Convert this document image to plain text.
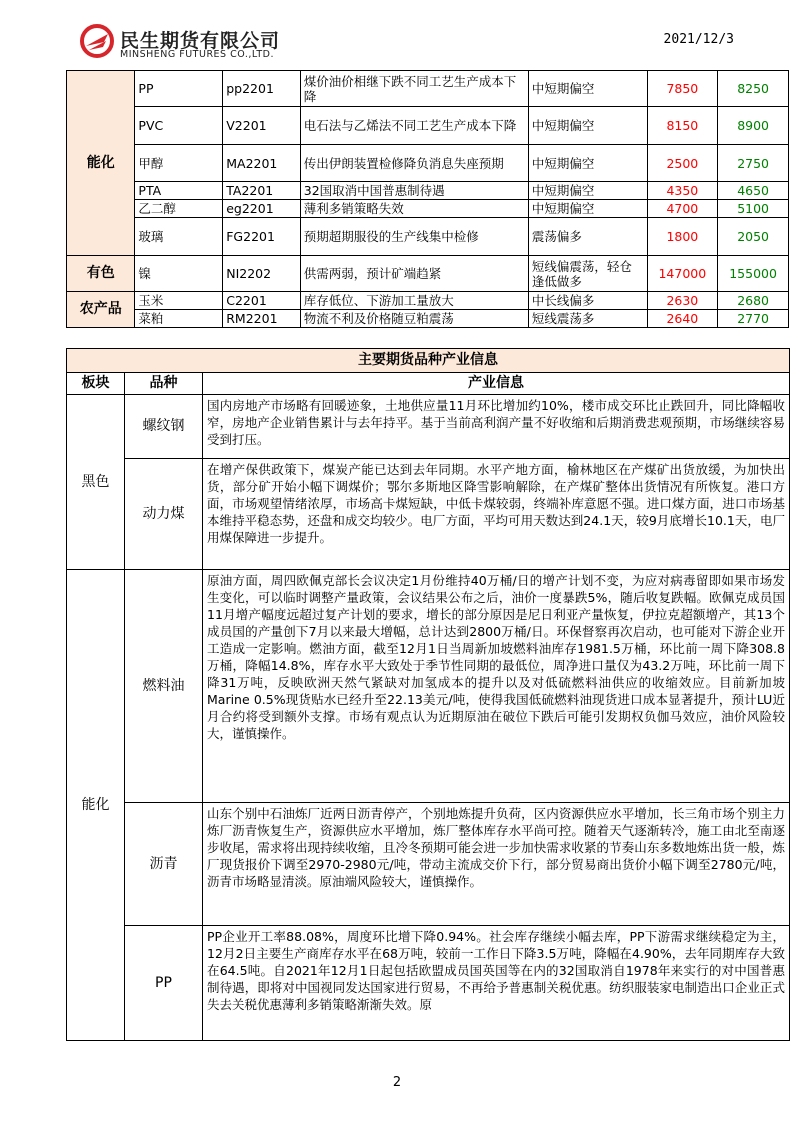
民生期货有限公司
MINSHENG FUTURES CO.,LTD.
2021/12/3
能化	PP	pp2201	煤价油价相继下跌不同工艺生产成本下降	中短期偏空	7850	8250
	PVC	V2201	电石法与乙烯法不同工艺生产成本下降	中短期偏空	8150	8900
	甲醇	MA2201	传出伊朗装置检修降负消息失座预期	中短期偏空	2500	2750
	PTA	TA2201	32国取消中国普惠制待遇	中短期偏空	4350	4650
	乙二醇	eg2201	薄利多销策略失效	中短期偏空	4700	5100
	玻璃	FG2201	预期超期服役的生产线集中检修	震荡偏多	1800	2050
有色	镍	NI2202	供需两弱，预计矿端趋紧	短线偏震荡，轻仓逢低做多	147000	155000
农产品	玉米	C2201	库存低位、下游加工量放大	中长线偏多	2630	2680
	菜粕	RM2201	物流不利及价格随豆粕震荡	短线震荡多	2640	2770
主要期货品种产业信息		
板块	品种	产业信息
黑色	螺纹钢	国内房地产市场略有回暖迹象，土地供应量11月环比增加约10%，楼市成交环比止跌回升，同比降幅收窄，房地产企业销售累计与去年持平。基于当前高利润产量不好收缩和后期消费悲观预期，市场继续容易受到打压。

	动力煤	在增产保供政策下，煤炭产能已达到去年同期。水平产地方面，榆林地区在产煤矿出货放缓，为加快出货，部分矿开始小幅下调煤价；鄂尔多斯地区降雪影响解除，在产煤矿整体出货情况有所恢复。港口方面，市场观望情绪浓厚，市场高卡煤短缺，中低卡煤较弱，终端补库意愿不强。进口煤方面，进口市场基本维持平稳态势，还盘和成交均较少。电厂方面，平均可用天数达到24.1天，较9月底增长10.1天，电厂用煤保障进一步提升。

能化	燃料油	原油方面，周四欧佩克部长会议决定1月份维持40万桶/日的增产计划不变，为应对病毒留即如果市场发生变化，可以临时调整产量政策，会议结果公布之后，油价一度暴跌5%，随后收复跌幅。欧佩克成员国11月增产幅度远超过复产计划的要求，增长的部分原因是尼日利亚产量恢复，伊拉克超额增产，其13个成员国的产量创下7月以来最大增幅，总计达到2800万桶/日。环保督察再次启动，也可能对下游企业开工造成一定影响。燃油方面，截至12月1日当周新加坡燃料油库存1981.5万桶，环比前一周下降308.8万桶，降幅14.8%，库存水平大致处于季节性同期的最低位，周净进口量仅为43.2万吨，环比前一周下降31万吨，反映欧洲天然气紧缺对加氢成本的提升以及对低硫燃料油供应的收缩效应。目前新加坡Marine 0.5%现货贴水已经升至22.13美元/吨，使得我国低硫燃料油现货进口成本显著提升，预计LU近月合约将受到额外支撑。市场有观点认为近期原油在破位下跌后可能引发期权负伽马效应，油价风险较大，谨慎操作。

	沥青	山东个别中石油炼厂近两日沥青停产，个别地炼提升负荷，区内资源供应水平增加，长三角市场个别主力炼厂沥青恢复生产，资源供应水平增加，炼厂整体库存水平尚可控。随着天气逐渐转冷，施工由北至南逐步收尾，需求将出现持续收缩，且冷冬预期可能会进一步加快需求收紧的节奏山东多数地炼出货一般，炼厂现货报价下调至2970-2980元/吨，带动主流成交价下行，部分贸易商出货价小幅下调至2780元/吨，沥青市场略显清淡。原油端风险较大，谨慎操作。

	PP	PP企业开工率88.08%，周度环比增下降0.94%。社会库存继续小幅去库，PP下游需求继续稳定为主，12月2日主要生产商库存水平在68万吨，较前一工作日下降3.5万吨，降幅在4.90%，去年同期库存大致在64.5吨。自2021年12月1日起包括欧盟成员国英国等在内的32国取消自1978年来实行的对中国普惠制待遇，即将对中国视同发达国家进行贸易，不再给予普惠制关税优惠。纺织服装家电制造出口企业正式失去关税优惠薄利多销策略渐渐失效。原
2
